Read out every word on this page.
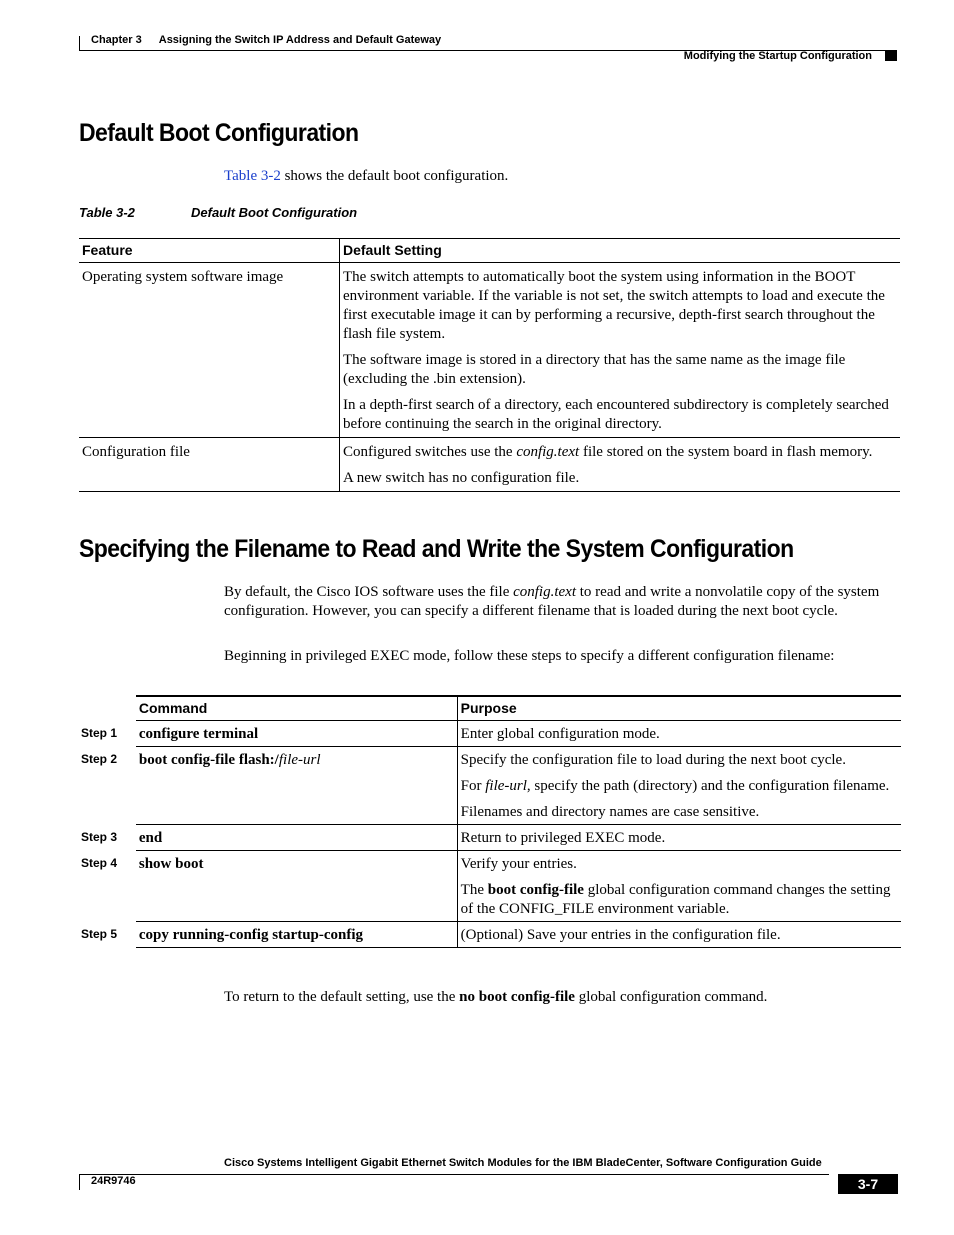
Chapter 3 Assigning the Switch IP Address and Default Gateway
Modifying the Startup Configuration
Default Boot Configuration
Table 3-2 shows the default boot configuration.
Table 3-2	Default Boot Configuration
Feature	Default Setting
Operating system software image	The switch attempts to automatically boot the system using information in the BOOT environment variable. If the variable is not set, the switch attempts to load and execute the first executable image it can by performing a recursive, depth-first search throughout the flash file system.

The software image is stored in a directory that has the same name as the image file (excluding the .bin extension).

In a depth-first search of a directory, each encountered subdirectory is completely searched before continuing the search in the original directory.

Configuration file	Configured switches use the config.text file stored on the system board in flash memory.

A new switch has no configuration file.

Specifying the Filename to Read and Write the System Configuration
By default, the Cisco IOS software uses the file config.text to read and write a nonvolatile copy of the system configuration. However, you can specify a different filename that is loaded during the next boot cycle.
Beginning in privileged EXEC mode, follow these steps to specify a different configuration filename:
	Command	Purpose
Step 1	configure terminal	Enter global configuration mode.
Step 2	boot config-file flash:/file-url	Specify the configuration file to load during the next boot cycle.

For file-url, specify the path (directory) and the configuration filename.

Filenames and directory names are case sensitive.

Step 3	end	Return to privileged EXEC mode.
Step 4	show boot	Verify your entries.

The boot config-file global configuration command changes the setting of the CONFIG_FILE environment variable.

Step 5	copy running-config startup-config	(Optional) Save your entries in the configuration file.
To return to the default setting, use the no boot config-file global configuration command.
Cisco Systems Intelligent Gigabit Ethernet Switch Modules for the IBM BladeCenter, Software Configuration Guide
24R9746	3-7
